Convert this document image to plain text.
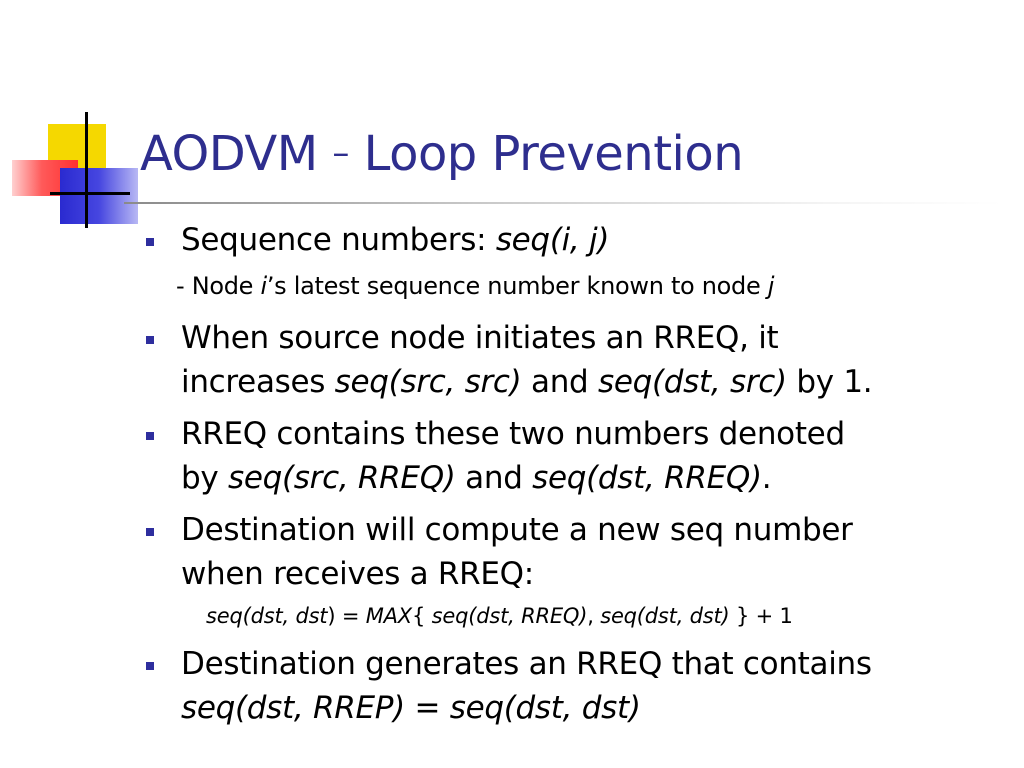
AODVM – Loop Prevention
Sequence numbers: seq(i, j)
- Node i’s latest sequence number known to node j
When source node initiates an RREQ, it
increases seq(src, src) and seq(dst, src) by 1.
RREQ contains these two numbers denoted
by seq(src, RREQ) and seq(dst, RREQ).
Destination will compute a new seq number
when receives a RREQ:
seq(dst, dst) = MAX{ seq(dst, RREQ), seq(dst, dst) } + 1
Destination generates an RREQ that contains
seq(dst, RREP) = seq(dst, dst)
